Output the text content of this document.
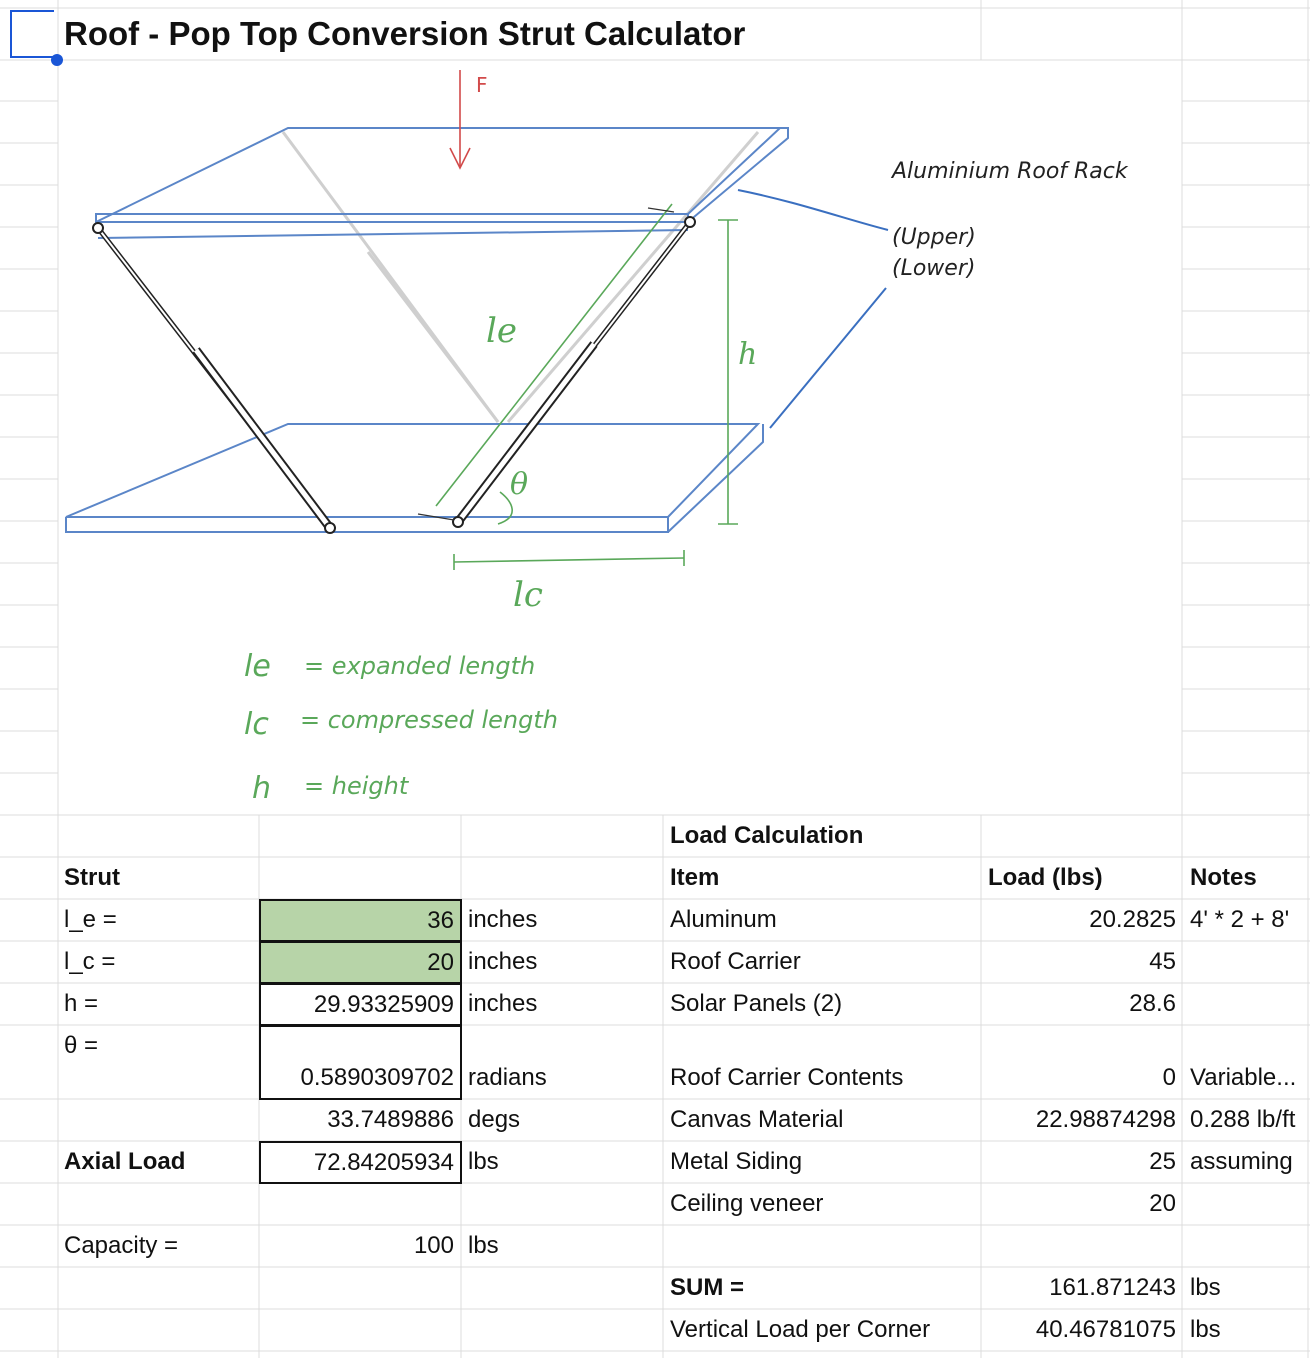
Roof - Pop Top Conversion Strut Calculator
F
le
h
θ
lc
Aluminium Roof Rack
(Upper)
(Lower)
le = expanded length
lc = compressed length
h = height
Strut
l_e =	36 inches
l_c =	20 inches
h =	29.93325909 inches
θ =
0.5890309702 radians
33.7489886 degs
Axial Load	72.84205934 lbs
Capacity =	100 lbs
Load Calculation
Item	Load (lbs)	Notes
Aluminum	20.2825 4' * 2 + 8'
Roof Carrier	45
Solar Panels (2)	28.6
Roof Carrier Contents	0 Variable...
Canvas Material	22.98874298 0.288 lb/ft
Metal Siding	25 assuming
Ceiling veneer	20
SUM =	161.871243 lbs
Vertical Load per Corner	40.46781075 lbs
